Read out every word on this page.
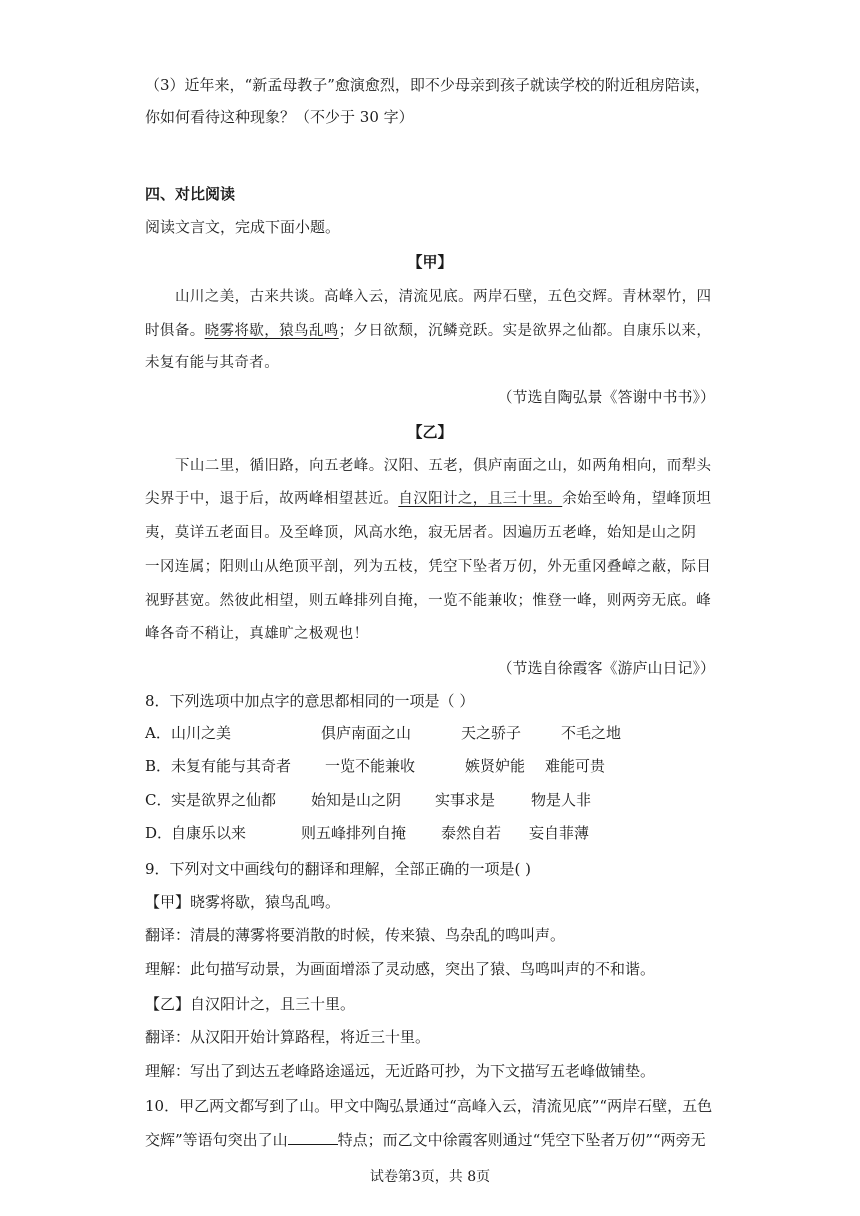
（3）近年来，“新孟母教子”愈演愈烈，即不少母亲到孩子就读学校的附近租房陪读，
你如何看待这种现象？（不少于 30 字）
四、对比阅读
阅读文言文，完成下面小题。
【甲】
山川之美，古来共谈。高峰入云，清流见底。两岸石壁，五色交辉。青林翠竹，四
时俱备。晓雾将歇，猿鸟乱鸣；夕日欲颓，沉鳞竞跃。实是欲界之仙都。自康乐以来，
未复有能与其奇者。
（节选自陶弘景《答谢中书书》）
【乙】
下山二里，循旧路，向五老峰。汉阳、五老，俱庐南面之山，如两角相向，而犁头
尖界于中，退于后，故两峰相望甚近。自汉阳计之，且三十里。余始至岭角，望峰顶坦
夷，莫详五老面目。及至峰顶，风高水绝，寂无居者。因遍历五老峰，始知是山之阴
一冈连属；阳则山从绝顶平剖，列为五枝，凭空下坠者万仞，外无重冈叠嶂之蔽，际目
视野甚宽。然彼此相望，则五峰排列自掩，一览不能兼收；惟登一峰，则两旁无底。峰
峰各奇不稍让，真雄旷之极观也！
（节选自徐霞客《游庐山日记》）
8．下列选项中加点字的意思都相同的一项是（ ）
A．山川之美	俱庐南面之山	天之骄子	不毛之地
B．未复有能与其奇者 一览不能兼收	嫉贤妒能 难能可贵
C．实是欲界之仙都 始知是山之阴 实事求是 物是人非
D．自康乐以来	则五峰排列自掩 泰然自若 妄自菲薄
9．下列对文中画线句的翻译和理解，全部正确的一项是( )
【甲】晓雾将歇，猿鸟乱鸣。
翻译：清晨的薄雾将要消散的时候，传来猿、鸟杂乱的鸣叫声。
理解：此句描写动景，为画面增添了灵动感，突出了猿、鸟鸣叫声的不和谐。
【乙】自汉阳计之，且三十里。
翻译：从汉阳开始计算路程，将近三十里。
理解：写出了到达五老峰路途遥远，无近路可抄，为下文描写五老峰做铺垫。
10．甲乙两文都写到了山。甲文中陶弘景通过“高峰入云，清流见底”“两岸石壁，五色
交辉”等语句突出了山	特点；而乙文中徐霞客则通过“凭空下坠者万仞”“两旁无
试卷第3页，共 8页
